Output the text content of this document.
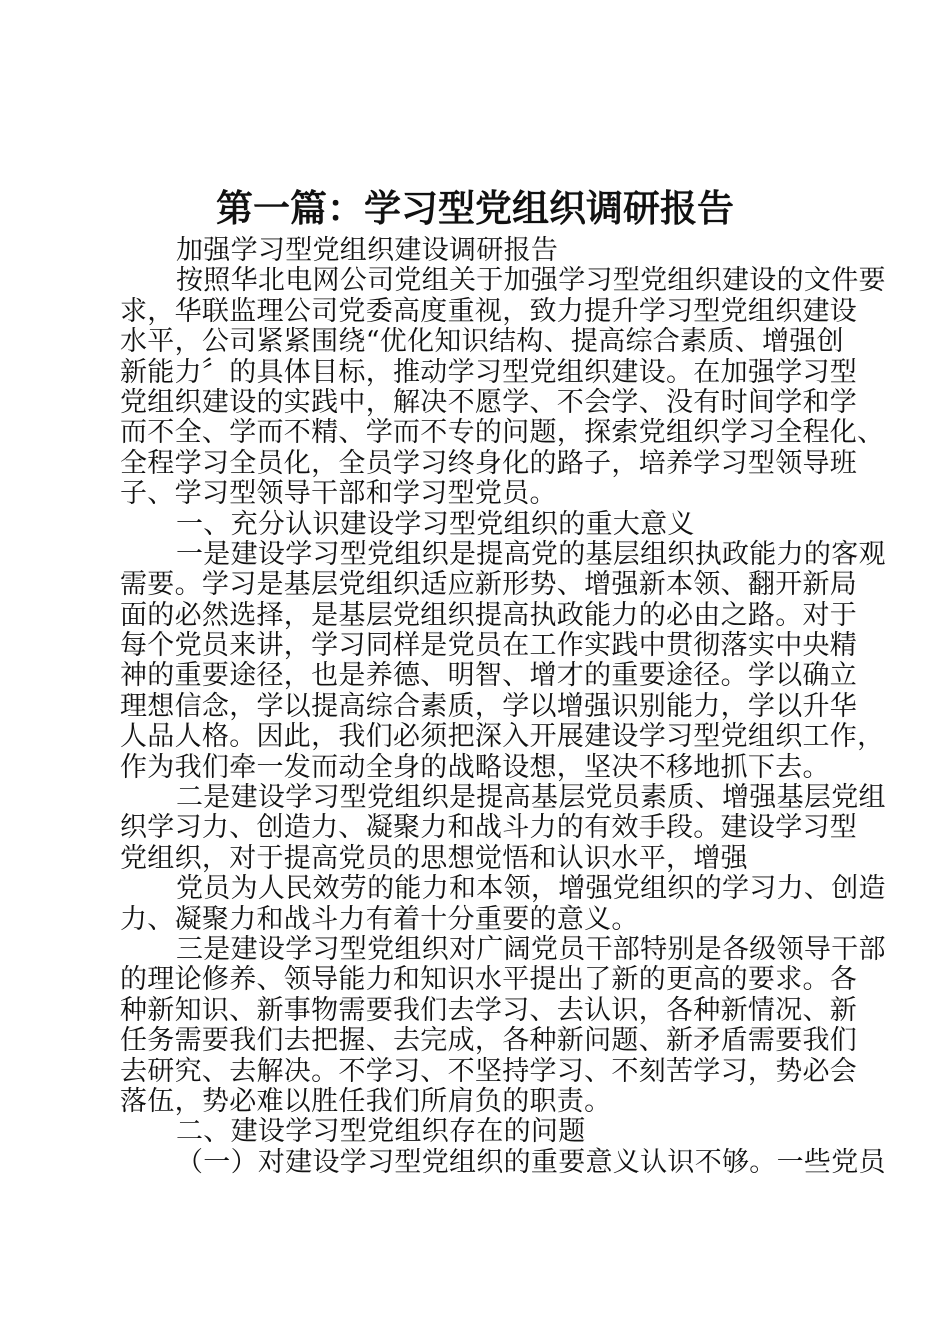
第一篇：学习型党组织调研报告
加强学习型党组织建设调研报告
按照华北电网公司党组关于加强学习型党组织建设的文件要
求，华联监理公司党委高度重视，致力提升学习型党组织建设
水平，公司紧紧围绕“优化知识结构、提高综合素质、增强创
新能力〞的具体目标，推动学习型党组织建设。在加强学习型
党组织建设的实践中，解决不愿学、不会学、没有时间学和学
而不全、学而不精、学而不专的问题，探索党组织学习全程化、
全程学习全员化，全员学习终身化的路子，培养学习型领导班
子、学习型领导干部和学习型党员。
一、充分认识建设学习型党组织的重大意义
一是建设学习型党组织是提高党的基层组织执政能力的客观
需要。学习是基层党组织适应新形势、增强新本领、翻开新局
面的必然选择，是基层党组织提高执政能力的必由之路。对于
每个党员来讲，学习同样是党员在工作实践中贯彻落实中央精
神的重要途径，也是养德、明智、增才的重要途径。学以确立
理想信念，学以提高综合素质，学以增强识别能力，学以升华
人品人格。因此，我们必须把深入开展建设学习型党组织工作，
作为我们牵一发而动全身的战略设想，坚决不移地抓下去。
二是建设学习型党组织是提高基层党员素质、增强基层党组
织学习力、创造力、凝聚力和战斗力的有效手段。建设学习型
党组织，对于提高党员的思想觉悟和认识水平，增强
党员为人民效劳的能力和本领，增强党组织的学习力、创造
力、凝聚力和战斗力有着十分重要的意义。
三是建设学习型党组织对广阔党员干部特别是各级领导干部
的理论修养、领导能力和知识水平提出了新的更高的要求。各
种新知识、新事物需要我们去学习、去认识，各种新情况、新
任务需要我们去把握、去完成，各种新问题、新矛盾需要我们
去研究、去解决。不学习、不坚持学习、不刻苦学习，势必会
落伍，势必难以胜任我们所肩负的职责。
二、建设学习型党组织存在的问题
（一）对建设学习型党组织的重要意义认识不够。一些党员
